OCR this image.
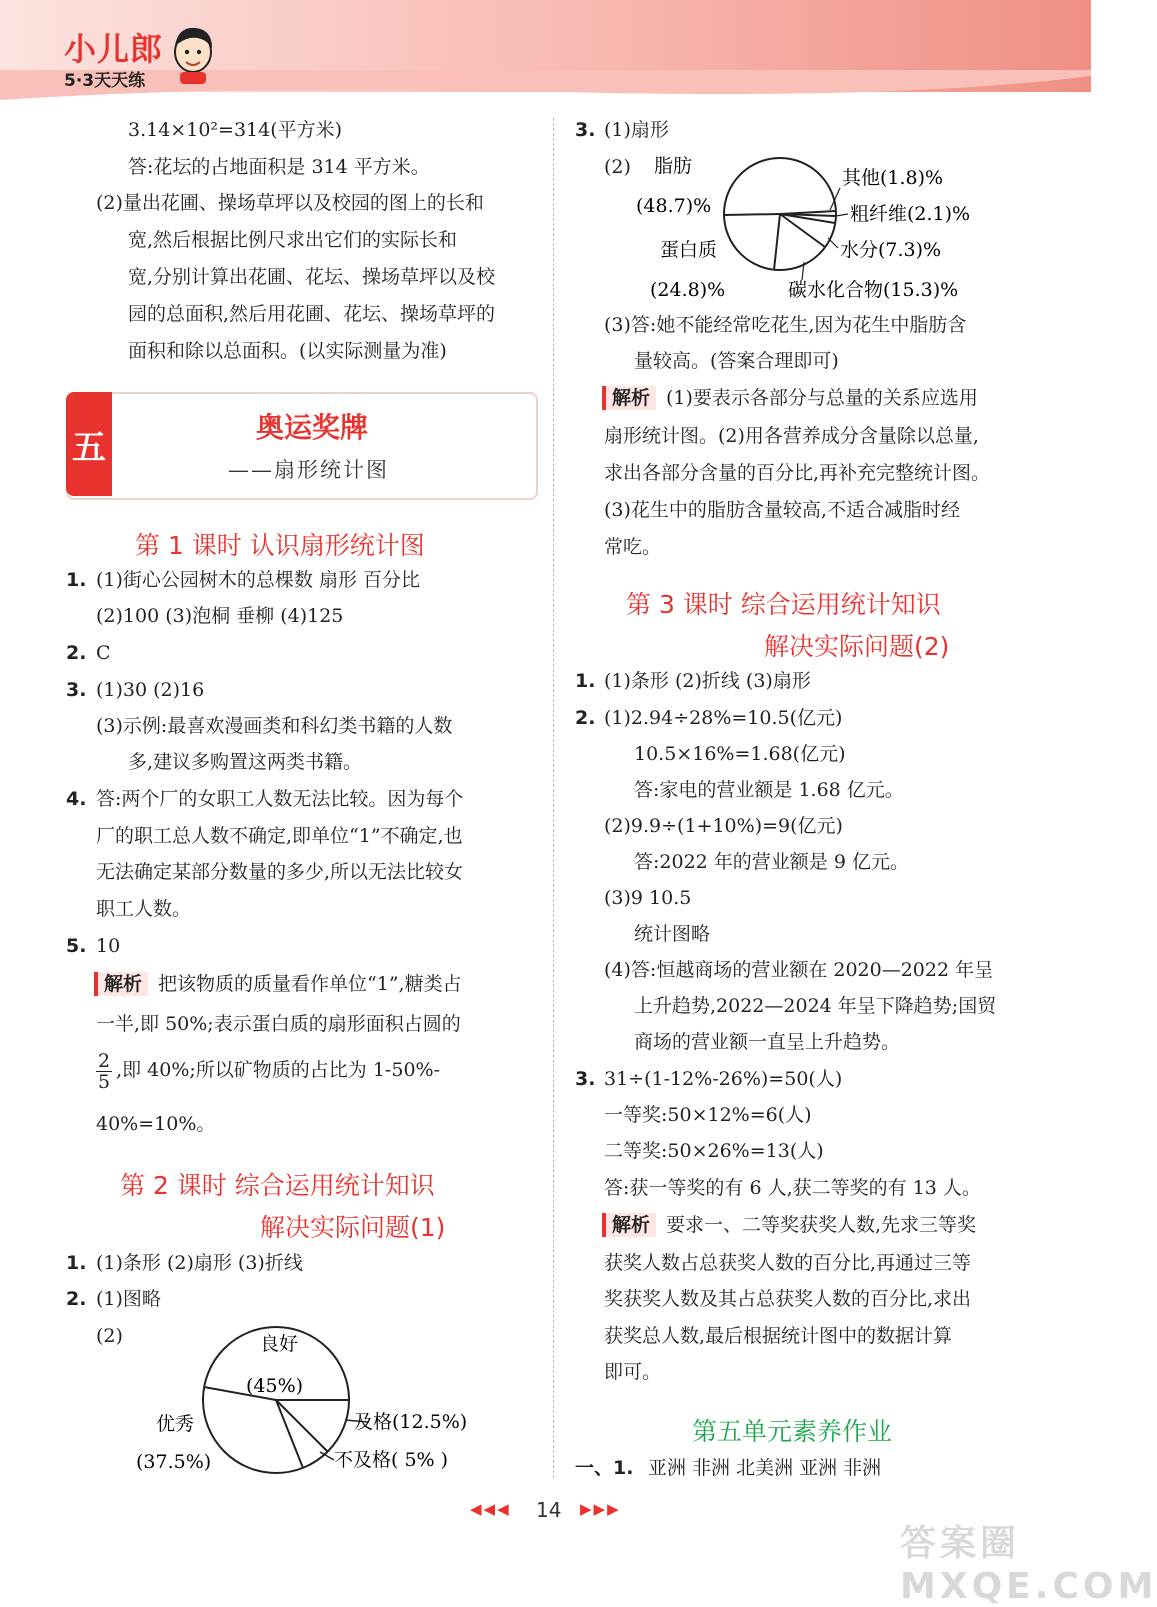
小儿郎
5·3天天练
3.14×10²=314(平方米)
答:花坛的占地面积是 314 平方米。
(2)量出花圃、操场草坪以及校园的图上的长和
宽,然后根据比例尺求出它们的实际长和
宽,分别计算出花圃、花坛、操场草坪以及校
园的总面积,然后用花圃、花坛、操场草坪的
面积和除以总面积。(以实际测量为准)
五	奥运奖牌
——扇形统计图
第 1 课时 认识扇形统计图
1. (1)街心公园树木的总棵数 扇形 百分比
(2)100 (3)泡桐 垂柳 (4)125
2. C
3. (1)30 (2)16
(3)示例:最喜欢漫画类和科幻类书籍的人数
多,建议多购置这两类书籍。
4. 答:两个厂的女职工人数无法比较。因为每个
厂的职工总人数不确定,即单位“1”不确定,也
无法确定某部分数量的多少,所以无法比较女
职工人数。
5. 10
解析 把该物质的质量看作单位“1”,糖类占
一半,即 50%;表示蛋白质的扇形面积占圆的
$\frac{2}{5}$ ,即 40%;所以矿物质的占比为 1-50%-
40%=10%。
第 2 课时 综合运用统计知识
解决实际问题(1)
1. (1)条形 (2)扇形 (3)折线
2. (1)图略
(2)	良好
(45%)
优秀
(37.5%)
及格(12.5%)
不及格( 5% )
3. (1)扇形
(2) 脂肪
(48.7)%
其他(1.8)%
粗纤维(2.1)%
水分(7.3)%
蛋白质
(24.8)%	碳水化合物(15.3)%
(3)答:她不能经常吃花生,因为花生中脂肪含
量较高。(答案合理即可)
解析 (1)要表示各部分与总量的关系应选用
扇形统计图。(2)用各营养成分含量除以总量,
求出各部分含量的百分比,再补充完整统计图。
(3)花生中的脂肪含量较高,不适合减脂时经
常吃。
第 3 课时 综合运用统计知识
解决实际问题(2)
1. (1)条形 (2)折线 (3)扇形
2. (1)2.94÷28%=10.5(亿元)
10.5×16%=1.68(亿元)
答:家电的营业额是 1.68 亿元。
(2)9.9÷(1+10%)=9(亿元)
答:2022 年的营业额是 9 亿元。
(3)9 10.5
统计图略
(4)答:恒越商场的营业额在 2020—2022 年呈
上升趋势,2022—2024 年呈下降趋势;国贸
商场的营业额一直呈上升趋势。
3. 31÷(1-12%-26%)=50(人)
一等奖:50×12%=6(人)
二等奖:50×26%=13(人)
答:获一等奖的有 6 人,获二等奖的有 13 人。
解析 要求一、二等奖获奖人数,先求三等奖
获奖人数占总获奖人数的百分比,再通过三等
奖获奖人数及其占总获奖人数的百分比,求出
获奖总人数,最后根据统计图中的数据计算
即可。
第五单元素养作业
一、1. 亚洲 非洲 北美洲 亚洲 非洲
◀◀◀ 14 ▶▶▶
答案圈 MXQE.COM
